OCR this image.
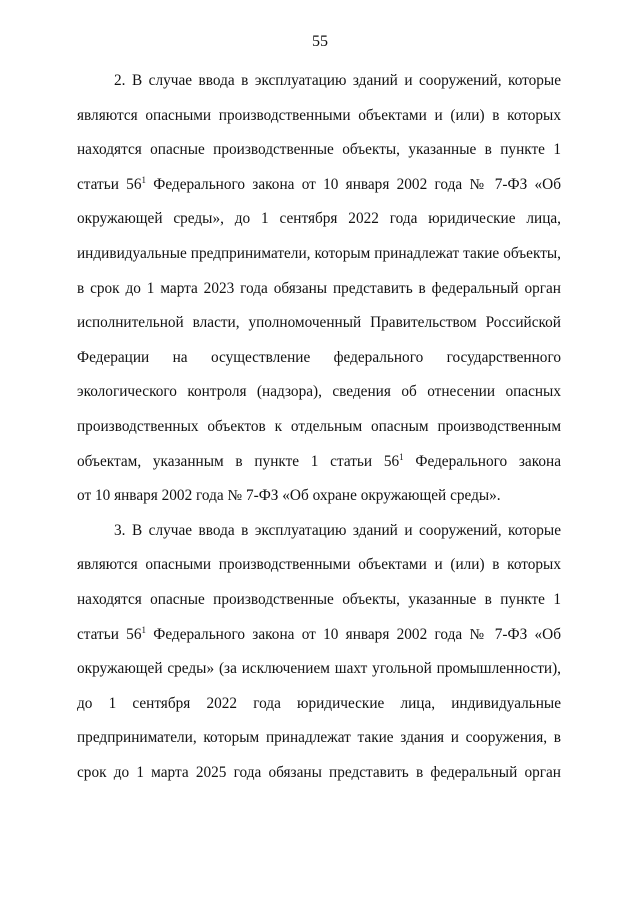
55
2. В случае ввода в эксплуатацию зданий и сооружений, которые
являются опасными производственными объектами и (или) в которых
находятся опасные производственные объекты, указанные в пункте 1
статьи $56^1$ Федерального закона от 10 января 2002 года № 7-ФЗ «Об
окружающей среды», до 1 сентября 2022 года юридические лица,
индивидуальные предприниматели, которым принадлежат такие объекты,
в срок до 1 марта 2023 года обязаны представить в федеральный орган
исполнительной власти, уполномоченный Правительством Российской
Федерации на осуществление федерального государственного
экологического контроля (надзора), сведения об отнесении опасных
производственных объектов к отдельным опасным производственным
объектам, указанным в пункте 1 статьи $56^1$ Федерального закона
от 10 января 2002 года № 7-ФЗ «Об охране окружающей среды».
3. В случае ввода в эксплуатацию зданий и сооружений, которые
являются опасными производственными объектами и (или) в которых
находятся опасные производственные объекты, указанные в пункте 1
статьи $56^1$ Федерального закона от 10 января 2002 года № 7-ФЗ «Об
окружающей среды» (за исключением шахт угольной промышленности),
до 1 сентября 2022 года юридические лица, индивидуальные
предприниматели, которым принадлежат такие здания и сооружения, в
срок до 1 марта 2025 года обязаны представить в федеральный орган
